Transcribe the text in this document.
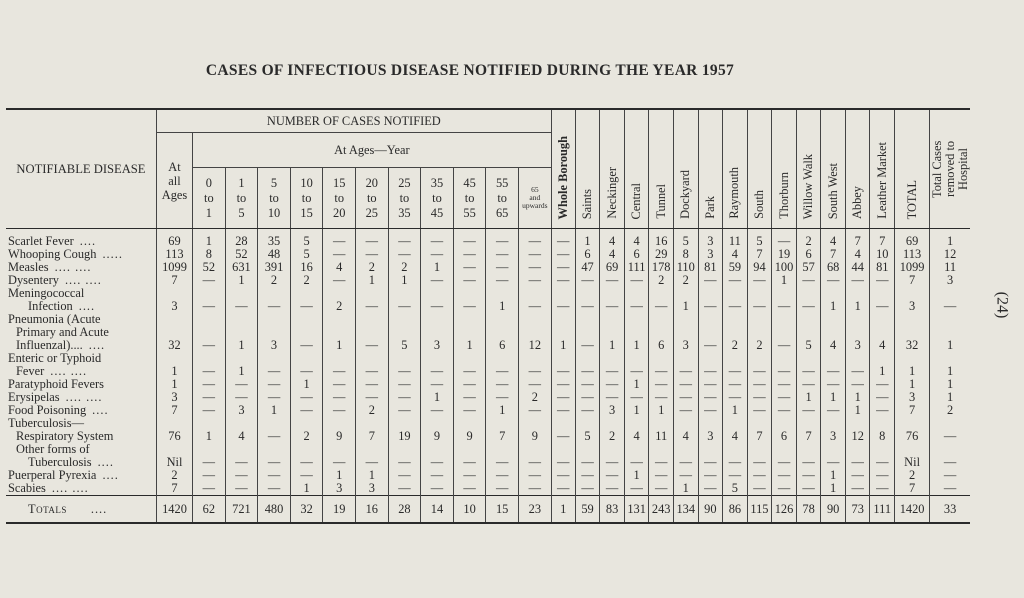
CASES OF INFECTIOUS DISEASE NOTIFIED DURING THE YEAR 1957
(24)
NOTIFIABLE DISEASE	NUMBER OF CASES NOTIFIED												Whole Borough	Saints	Neckinger	Central	Tunnel	Dockyard	Park	Raymouth	South	Thorburn	Willow Walk	South West	Abbey	Leather Market	TOTAL	Total Cases removed to Hospital
	At all Ages	At Ages—Year																										
		0 to 1	1 to 5	5 to 10	10 to 15	15 to 20	20 to 25	25 to 35	35 to 45	45 to 55	55 to 65	65 and upwards																
Scarlet Fever ....	69	1	28	35	5	—	—	—	—	—	—	—	—	1	4	4	16	5	3	11	5	—	2	4	7	7	69	1
Whooping Cough .....	113	8	52	48	5	—	—	—	—	—	—	—	—	6	4	6	29	8	3	4	7	19	6	7	4	10	113	12
Measles .... ....	1099	52	631	391	16	4	2	2	1	—	—	—	—	47	69	111	178	110	81	59	94	100	57	68	44	81	1099	11
Dysentery .... ....	7	—	1	2	2	—	1	1	—	—	—	—	—	—	—	—	2	2	—	—	—	1	—	—	—	—	7	3
Meningococcal																												
Infection ....	3	—	—	—	—	2	—	—	—	—	1	—	—	—	—	—	—	1	—	—	—	—	—	1	1	—	3	—
Pneumonia (Acute																												
Primary and Acute																												
Influenzal).... ....	32	—	1	3	—	1	—	5	3	1	6	12	1	—	1	1	6	3	—	2	2	—	5	4	3	4	32	1
Enteric or Typhoid																												
Fever .... ....	1	—	1	—	—	—	—	—	—	—	—	—	—	—	—	—	—	—	—	—	—	—	—	—	—	1	1	1
Paratyphoid Fevers	1	—	—	—	1	—	—	—	—	—	—	—	—	—	—	1	—	—	—	—	—	—	—	—	—	—	1	1
Erysipelas .... ....	3	—	—	—	—	—	—	—	1	—	—	2	—	—	—	—	—	—	—	—	—	—	1	1	1	—	3	1
Food Poisoning ....	7	—	3	1	—	—	2	—	—	—	1	—	—	—	3	1	1	—	—	1	—	—	—	—	1	—	7	2
Tuberculosis—																												
Respiratory System	76	1	4	—	2	9	7	19	9	9	7	9	—	5	2	4	11	4	3	4	7	6	7	3	12	8	76	—
Other forms of																												
Tuberculosis ....	Nil	—	—	—	—	—	—	—	—	—	—	—	—	—	—	—	—	—	—	—	—	—	—	—	—	—	Nil	—
Puerperal Pyrexia ....	2	—	—	—	—	1	1	—	—	—	—	—	—	—	—	1	—	—	—	—	—	—	—	1	—	—	2	—
Scabies .... ....	7	—	—	—	1	3	3	—	—	—	—	—	—	—	—	—	—	1	—	5	—	—	—	1	—	—	7	—
Totals ....	1420	62	721	480	32	19	16	28	14	10	15	23	1	59	83	131	243	134	90	86	115	126	78	90	73	111	1420	33
